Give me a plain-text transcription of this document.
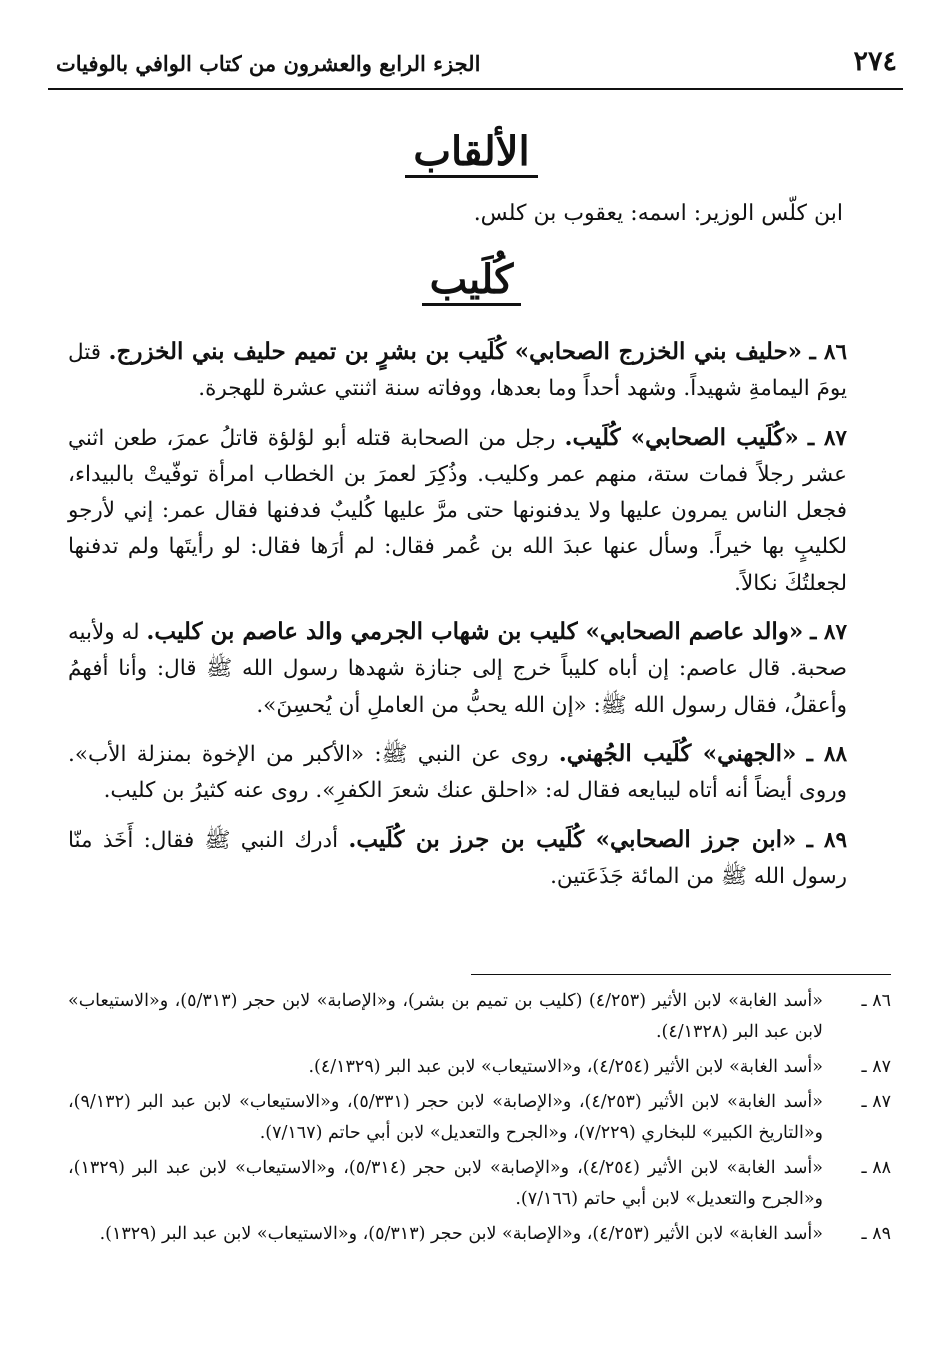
٢٧٤
الجزء الرابع والعشرون من كتاب الوافي بالوفيات
الألقاب
ابن كلّس الوزير: اسمه: يعقوب بن كلس.
كُلَيب

٨٦ ـ «حليف بني الخزرج الصحابي» كُلَيب بن بشرٍ بن تميم حليف بني الخزرج. قتل يومَ اليمامةِ شهيداً. وشهد أحداً وما بعدها، ووفاته سنة اثنتي عشرة للهجرة.

٨٧ ـ «كُلَيب الصحابي» كُلَيب. رجل من الصحابة قتله أبو لؤلؤة قاتلُ عمرَ، طعن اثني عشر رجلاً فمات ستة، منهم عمر وكليب. وذُكِرَ لعمرَ بن الخطاب امرأة توفّيتْ بالبيداء، فجعل الناس يمرون عليها ولا يدفنونها حتى مرَّ عليها كُليبٌ فدفنها فقال عمر: إني لأرجو لكليبٍ بها خيراً. وسأل عنها عبدَ الله بن عُمر فقال: لم أرَها فقال: لو رأيتَها ولم تدفنها لجعلتُكَ نكالاً.

٨٧ ـ «والد عاصم الصحابي» كليب بن شهاب الجرمي والد عاصم بن كليب. له ولأبيه صحبة. قال عاصم: إن أباه كليباً خرج إلى جنازة شهدها رسول الله ﷺ قال: وأنا أفهمُ وأعقلُ، فقال رسول الله ﷺ: «إن الله يحبُّ من العاملِ أن يُحسِنَ».

٨٨ ـ «الجهني» كُلَيب الجُهني. روى عن النبي ﷺ: «الأكبر من الإخوة بمنزلة الأب». وروى أيضاً أنه أتاه ليبايعه فقال له: «احلق عنك شعرَ الكفرِ». روى عنه كثيرُ بن كليب.

٨٩ ـ «ابن جرز الصحابي» كُلَيب بن جرز بن كُلَيب. أدرك النبي ﷺ فقال: أَخَذ منّا رسول الله ﷺ من المائة جَذَعَتين.

٨٦ ـ
«أسد الغابة» لابن الأثير (٤/٢٥٣) (كليب بن تميم بن بشر)، و«الإصابة» لابن حجر (٥/٣١٣)، و«الاستيعاب» لابن عبد البر (٤/١٣٢٨).
٨٧ ـ
«أسد الغابة» لابن الأثير (٤/٢٥٤)، و«الاستيعاب» لابن عبد البر (٤/١٣٢٩).
٨٧ ـ
«أسد الغابة» لابن الأثير (٤/٢٥٣)، و«الإصابة» لابن حجر (٥/٣٣١)، و«الاستيعاب» لابن عبد البر (٩/١٣٢)، و«التاريخ الكبير» للبخاري (٧/٢٢٩)، و«الجرح والتعديل» لابن أبي حاتم (٧/١٦٧).
٨٨ ـ
«أسد الغابة» لابن الأثير (٤/٢٥٤)، و«الإصابة» لابن حجر (٥/٣١٤)، و«الاستيعاب» لابن عبد البر (١٣٢٩)، و«الجرح والتعديل» لابن أبي حاتم (٧/١٦٦).
٨٩ ـ
«أسد الغابة» لابن الأثير (٤/٢٥٣)، و«الإصابة» لابن حجر (٥/٣١٣)، و«الاستيعاب» لابن عبد البر (١٣٢٩).
